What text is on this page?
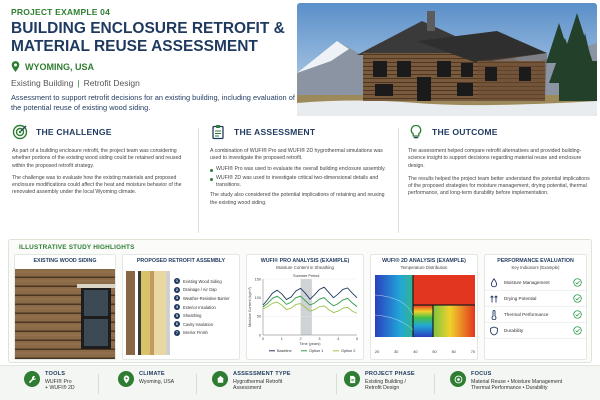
PROJECT EXAMPLE 04
BUILDING ENCLOSURE RETROFIT & MATERIAL REUSE ASSESSMENT
WYOMING, USA
Existing Building | Retrofit Design
Assessment to support retrofit decisions for an existing building, including evaluation of the potential reuse of existing wood siding.
THE CHALLENGE

As part of a building enclosure retrofit, the project team was considering whether portions of the existing wood siding could be retained and reused within the proposed retrofit strategy.

The challenge was to evaluate how the existing materials and proposed enclosure modifications could affect the heat and moisture behavior of the renovated assembly under the local Wyoming climate.

THE ASSESSMENT

A combination of WUFI® Pro and WUFI® 2D hygrothermal simulations was used to investigate the proposed retrofit.

WUFI® Pro was used to evaluate the overall building enclosure assembly.
WUFI® 2D was used to investigate critical two-dimensional details and transitions.

The study also considered the potential implications of retaining and reusing the existing wood siding.

THE OUTCOME

The assessment helped compare retrofit alternatives and provided building-science insight to support decisions regarding material reuse and enclosure design.

The results helped the project team better understand the potential implications of the proposed strategies for moisture management, drying potential, thermal performance, and long-term durability before implementation.

ILLUSTRATIVE STUDY HIGHLIGHTS
EXISTING WOOD SIDING	PROPOSED RETROFIT ASSEMBLY
1	Existing Wood Siding
2	Drainage / Air Gap
3	Weather-Resistive Barrier
4	Exterior Insulation
5	Sheathing
6	Cavity Insulation
7	Interior Finish
WUFI® PRO ANALYSIS (EXAMPLE)
Moisture Content in Sheathing
Summer Period
0
50
100
150
0	1	2	3	4	5
Time (years)
Moisture Content (kg/m³)
Baseline	Option 1	Option 2
WUFI® 2D ANALYSIS (EXAMPLE)
Temperature Distribution
20	30	40	50	60	70
PERFORMANCE EVALUATION
Key Indicators (Example)
Moisture Management
Drying Potential
Thermal Performance
Durability
TOOLS
WUFI® Pro
+ WUFI® 2D
CLIMATE
Wyoming, USA
ASSESSMENT TYPE
Hygrothermal Retrofit
Assessment
PROJECT PHASE
Existing Building /
Retrofit Design
FOCUS
Material Reuse • Moisture Management
Thermal Performance • Durability
